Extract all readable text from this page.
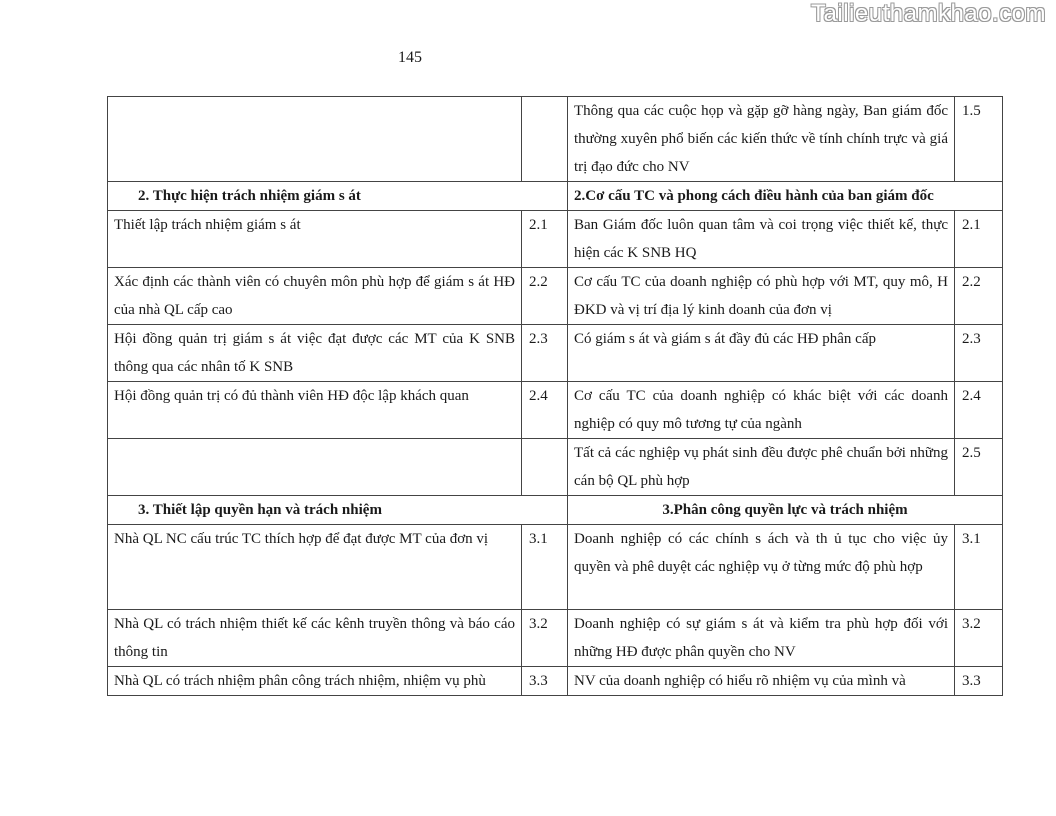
Tailieuthamkhao.com
145
		Thông qua các cuộc họp và gặp gỡ hàng ngày, Ban giám đốc thường xuyên phổ biến các kiến thức về tính chính trực và giá trị đạo đức cho NV	1.5
2. Thực hiện trách nhiệm giám s át		2.Cơ cấu TC và phong cách điều hành của ban giám đốc	
Thiết lập trách nhiệm giám s át	2.1	Ban Giám đốc luôn quan tâm và coi trọng việc thiết kế, thực hiện các K SNB HQ	2.1
Xác định các thành viên có chuyên môn phù hợp để giám s át HĐ của nhà QL cấp cao	2.2	Cơ cấu TC của doanh nghiệp có phù hợp với MT, quy mô, H ĐKD và vị trí địa lý kinh doanh của đơn vị	2.2
Hội đồng quản trị giám s át việc đạt được các MT của K SNB thông qua các nhân tố K SNB	2.3	Có giám s át và giám s át đầy đủ các HĐ phân cấp	2.3
Hội đồng quản trị có đủ thành viên HĐ độc lập khách quan	2.4	Cơ cấu TC của doanh nghiệp có khác biệt với các doanh nghiệp có quy mô tương tự của ngành	2.4
		Tất cả các nghiệp vụ phát sinh đều được phê chuẩn bởi những cán bộ QL phù hợp	2.5
3. Thiết lập quyền hạn và trách nhiệm		3.Phân công quyền lực và trách nhiệm	
Nhà QL NC cấu trúc TC thích hợp để đạt được MT của đơn vị	3.1	Doanh nghiệp có các chính s ách và th ủ tục cho việc ủy quyền và phê duyệt các nghiệp vụ ở từng mức độ phù hợp	3.1
Nhà QL có trách nhiệm thiết kế các kênh truyền thông và báo cáo thông tin	3.2	Doanh nghiệp có sự giám s át và kiểm tra phù hợp đối với những HĐ được phân quyền cho NV	3.2
Nhà QL có trách nhiệm phân công trách nhiệm, nhiệm vụ phù	3.3	NV của doanh nghiệp có hiểu rõ nhiệm vụ của mình và	3.3
